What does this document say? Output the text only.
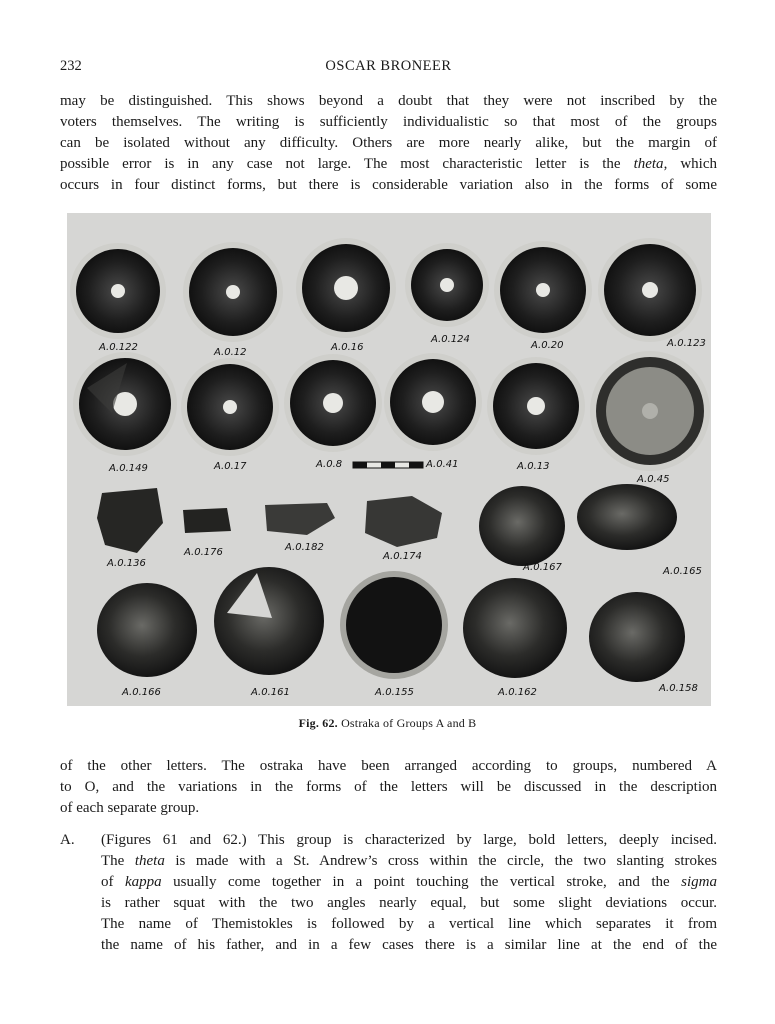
232	OSCAR BRONEER
may be distinguished. This shows beyond a doubt that they were not inscribed by the
voters themselves. The writing is sufficiently individualistic so that most of the groups
can be isolated without any difficulty. Others are more nearly alike, but the margin of
possible error is in any case not large. The most characteristic letter is the theta, which
occurs in four distinct forms, but there is considerable variation also in the forms of some
A.0.122	A.0.12	A.0.16
A.0.124
A.0.20	A.0.123
A.0.149	A.0.17	A.0.8	A.0.41	A.0.13
A.0.45
A.0.136
A.0.176	A.0.182
A.0.174
A.0.167	A.0.165
A.0.166	A.0.161	A.0.155	A.0.162	A.0.158
Fig. 62. Ostraka of Groups A and B
of the other letters. The ostraka have been arranged according to groups, numbered A
to O, and the variations in the forms of the letters will be discussed in the description
of each separate group.
A. (Figures 61 and 62.) This group is characterized by large, bold letters, deeply incised.
The theta is made with a St. Andrew’s cross within the circle, the two slanting strokes
of kappa usually come together in a point touching the vertical stroke, and the sigma
is rather squat with the two angles nearly equal, but some slight deviations occur.
The name of Themistokles is followed by a vertical line which separates it from
the name of his father, and in a few cases there is a similar line at the end of the
